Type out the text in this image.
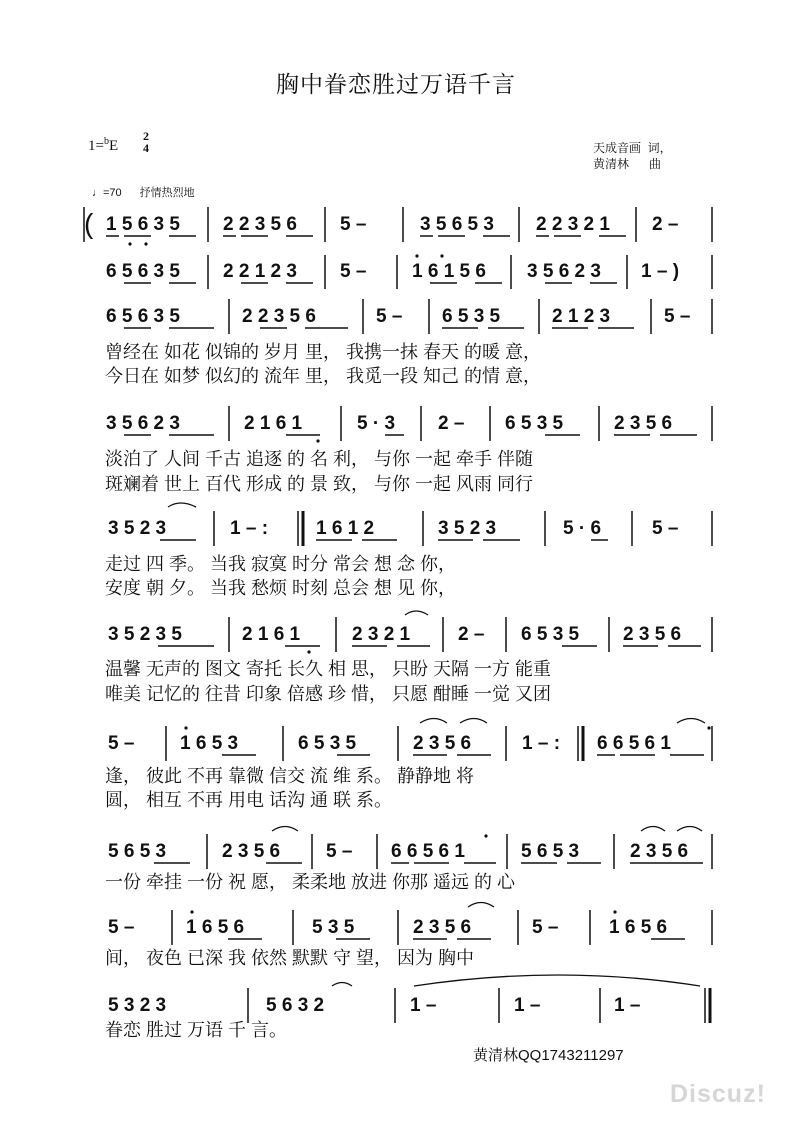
胸中眷恋胜过万语千言
1=$^b$E
2
4	天成音画  词，
黄清林      曲
♩=70 抒情热烈地
( 1 5 6 3 5 2 2 3 5 6 5 –	3 5 6 5 3 2 2 3 2 1 2 –
6 5 6 3 5 2 2 1 2 3 5 – 1 6 1 5 6 3 5 6 2 3 1 – )
6 5 6 3 5	2 2 3 5 6	5 – 6 5 3 5	2 1 2 3	5 –
曾经在 如花 似锦的 岁月 里， 我携一抹 春天 的暖 意，
今日在 如梦 似幻的 流年 里， 我觅一段 知己 的情 意，
3 5 6 2 3	2 1 6 1	5 · 3 2 – 6 5 3 5	2 3 5 6
淡泊了 人间 千古 追逐 的 名 利， 与你 一起 牵手 伴随
斑斓着 世上 百代 形成 的 景 致， 与你 一起 风雨 同行
3 5 2 3	1 – :	1 6 1 2	3 5 2 3	5 · 6	5 –
走过 四 季。 当我 寂寞 时分 常会 想 念 你，
安度 朝 夕。 当我 愁烦 时刻 总会 想 见 你，
3 5 2 3 5	2 1 6 1	2 3 2 1	2 – 6 5 3 5 2 3 5 6
温馨 无声的 图文 寄托 长久 相 思， 只盼 天隔 一方 能重
唯美 记忆的 往昔 印象 倍感 珍 惜， 只愿 酣睡 一觉 又团
5 – 1 6 5 3	6 5 3 5	2 3 5 6	1 – : 6 6 5 6 1
逢， 彼此 不再 靠微 信交 流 维 系。 静静地 将
圆， 相互 不再 用电 话沟 通 联 系。
5 6 5 3	2 3 5 6 5 – 6 6 5 6 1	5 6 5 3	2 3 5 6
一份 牵挂 一份 祝 愿， 柔柔地 放进 你那 遥远 的 心
5 –	1 6 5 6	5 3 5	2 3 5 6	5 –	1 6 5 6
间， 夜色 已深 我 依然 默默 守 望， 因为 胸中
5 3 2 3	5 6 3 2	1 –	1 –	1 –
眷恋 胜过 万语 千 言。
黄清林QQ1743211297
Discuz!
